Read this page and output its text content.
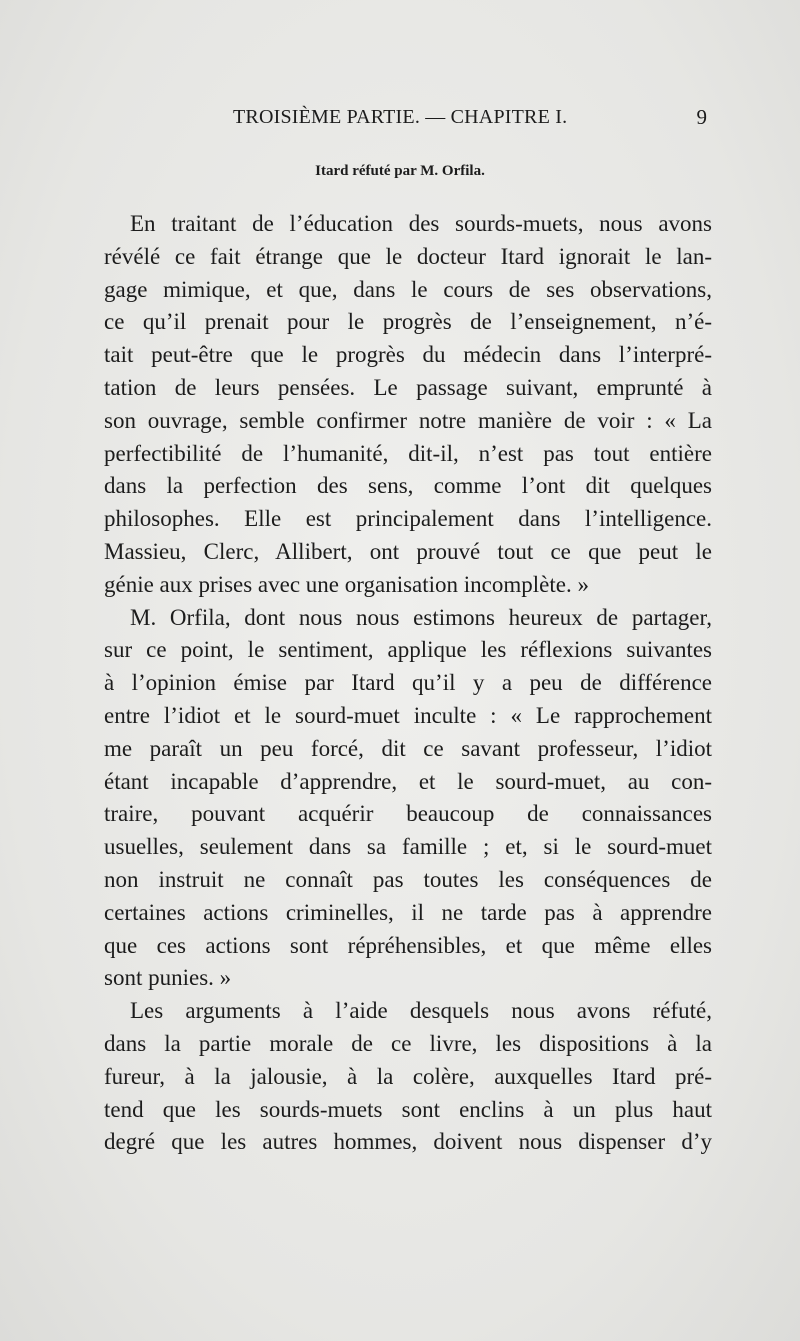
TROISIÈME PARTIE. — CHAPITRE I.	9
Itard réfuté par M. Orfila.
En traitant de l’éducation des sourds-muets, nous avons
révélé ce fait étrange que le docteur Itard ignorait le lan-
gage mimique, et que, dans le cours de ses observations,
ce qu’il prenait pour le progrès de l’enseignement, n’é-
tait peut-être que le progrès du médecin dans l’interpré-
tation de leurs pensées. Le passage suivant, emprunté à
son ouvrage, semble confirmer notre manière de voir : « La
perfectibilité de l’humanité, dit-il, n’est pas tout entière
dans la perfection des sens, comme l’ont dit quelques
philosophes. Elle est principalement dans l’intelligence.
Massieu, Clerc, Allibert, ont prouvé tout ce que peut le
génie aux prises avec une organisation incomplète. »
M. Orfila, dont nous nous estimons heureux de partager,
sur ce point, le sentiment, applique les réflexions suivantes
à l’opinion émise par Itard qu’il y a peu de différence
entre l’idiot et le sourd-muet inculte : « Le rapprochement
me paraît un peu forcé, dit ce savant professeur, l’idiot
étant incapable d’apprendre, et le sourd-muet, au con-
traire, pouvant acquérir beaucoup de connaissances
usuelles, seulement dans sa famille ; et, si le sourd-muet
non instruit ne connaît pas toutes les conséquences de
certaines actions criminelles, il ne tarde pas à apprendre
que ces actions sont répréhensibles, et que même elles
sont punies. »
Les arguments à l’aide desquels nous avons réfuté,
dans la partie morale de ce livre, les dispositions à la
fureur, à la jalousie, à la colère, auxquelles Itard pré-
tend que les sourds-muets sont enclins à un plus haut
degré que les autres hommes, doivent nous dispenser d’y
